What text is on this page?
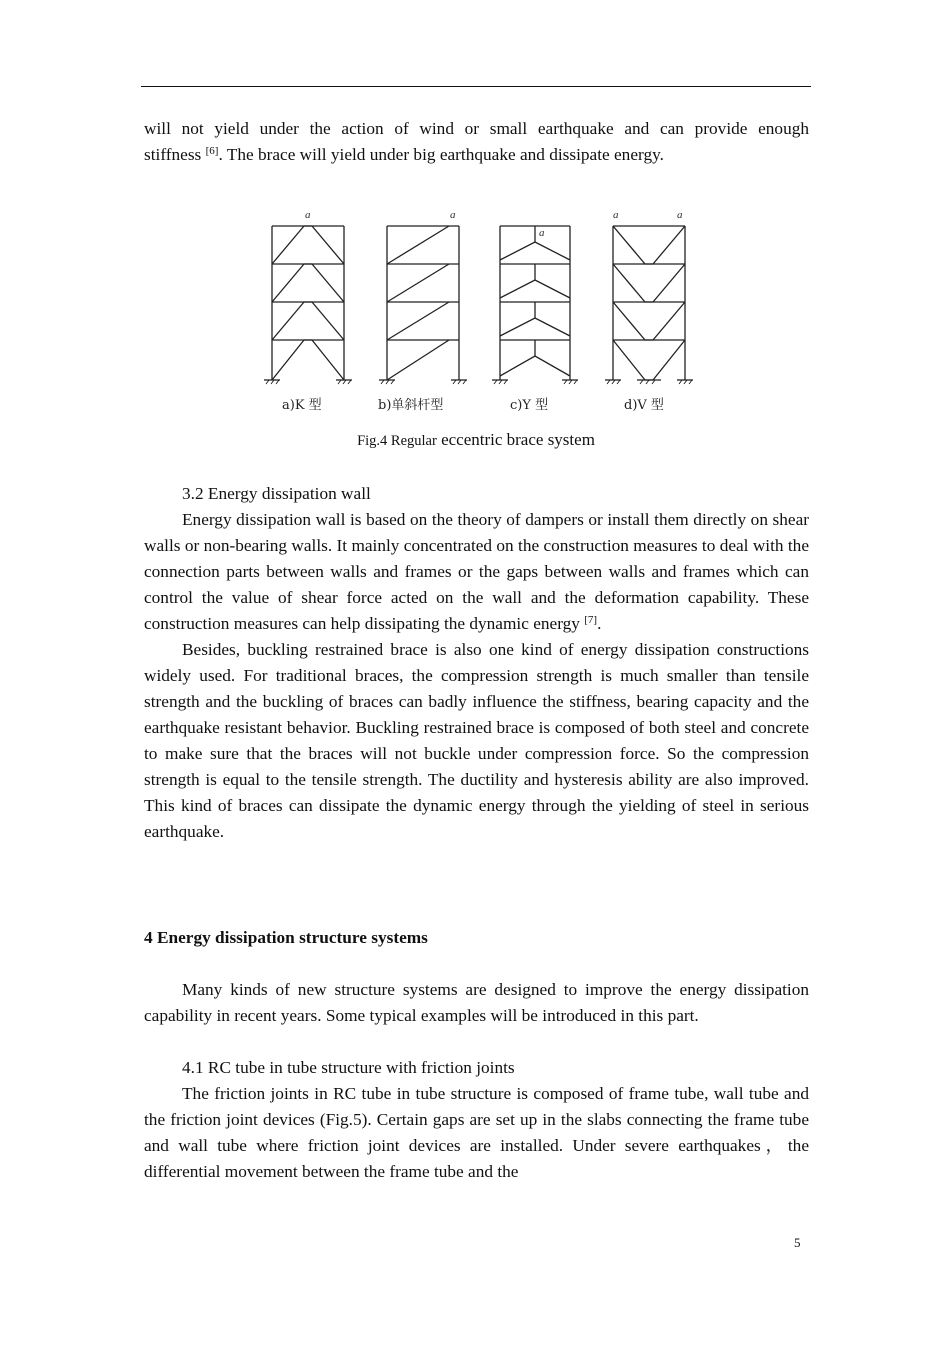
will not yield under the action of wind or small earthquake and can provide enough

stiffness [6]. The brace will yield under big earthquake and dissipate energy.

a	a	a	a
a
a)K 型	b)单斜杆型	c)Y 型	d)V 型
Fig.4 Regular eccentric brace system

3.2 Energy dissipation wall

Energy dissipation wall is based on the theory of dampers or install them directly on shear walls or non-bearing walls. It mainly concentrated on the construction measures to deal with the connection parts between walls and frames or the gaps between walls and frames which can control the value of shear force acted on the wall and the deformation capability. These construction measures can help dissipating the dynamic energy [7].

Besides, buckling restrained brace is also one kind of energy dissipation constructions widely used. For traditional braces, the compression strength is much smaller than tensile strength and the buckling of braces can badly influence the stiffness, bearing capacity and the earthquake resistant behavior. Buckling restrained brace is composed of both steel and concrete to make sure that the braces will not buckle under compression force. So the compression strength is equal to the tensile strength. The ductility and hysteresis ability are also improved. This kind of braces can dissipate the dynamic energy through the yielding of steel in serious earthquake.

4 Energy dissipation structure systems

Many kinds of new structure systems are designed to improve the energy dissipation capability in recent years. Some typical examples will be introduced in this part.

4.1 RC tube in tube structure with friction joints

The friction joints in RC tube in tube structure is composed of frame tube, wall tube and the friction joint devices (Fig.5). Certain gaps are set up in the slabs connecting the frame tube and wall tube where friction joint devices are installed. Under severe earthquakes，the differential movement between the frame tube and the

5
